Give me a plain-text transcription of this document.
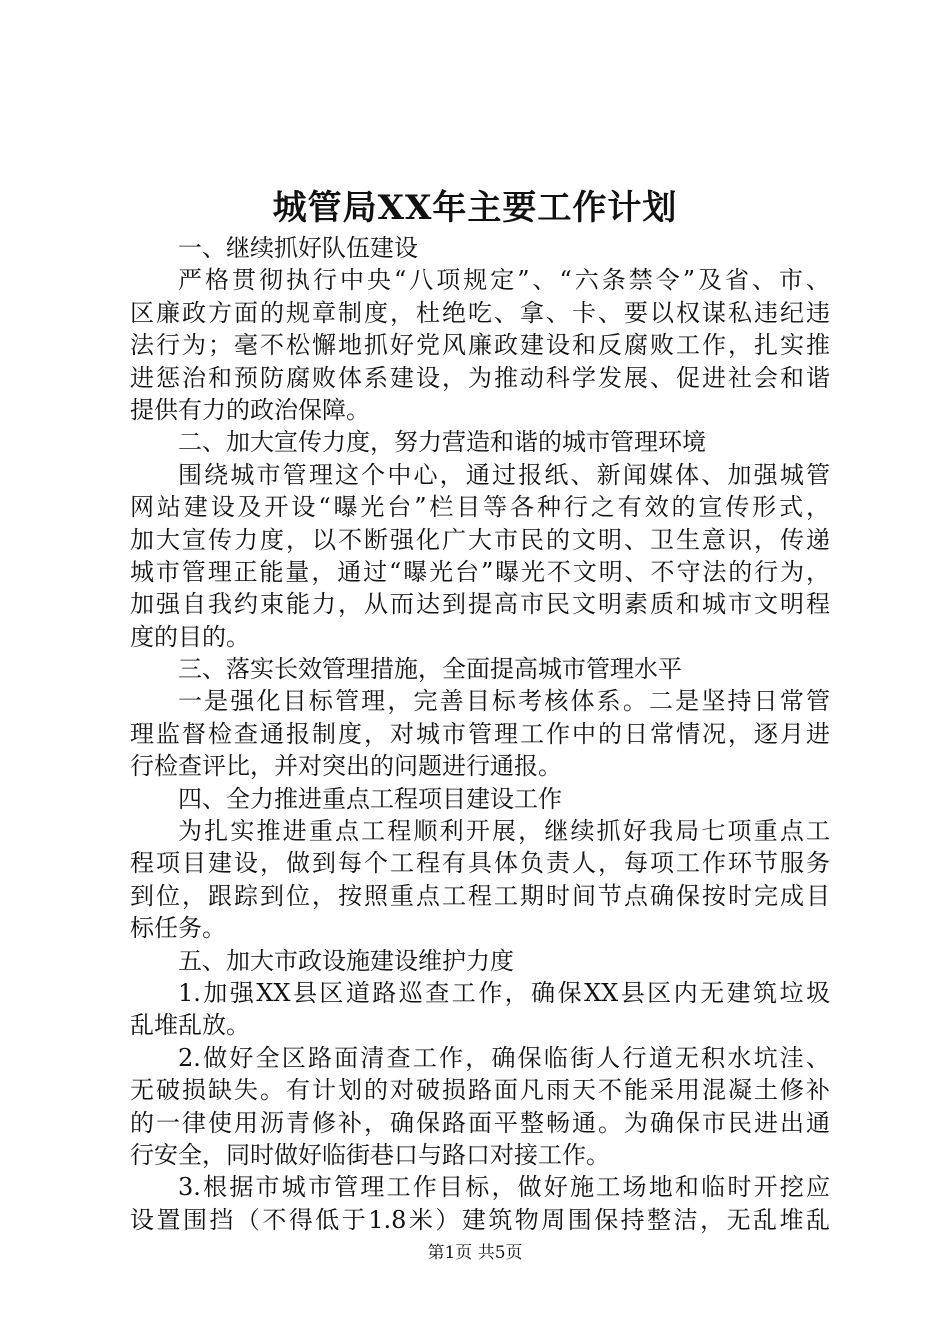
城管局XX年主要工作计划
一、继续抓好队伍建设
严格贯彻执行中央“八项规定”、“六条禁令”及省、市、
区廉政方面的规章制度，杜绝吃、拿、卡、要以权谋私违纪违
法行为；毫不松懈地抓好党风廉政建设和反腐败工作，扎实推
进惩治和预防腐败体系建设，为推动科学发展、促进社会和谐
提供有力的政治保障。
二、加大宣传力度，努力营造和谐的城市管理环境
围绕城市管理这个中心，通过报纸、新闻媒体、加强城管
网站建设及开设“曝光台”栏目等各种行之有效的宣传形式，
加大宣传力度，以不断强化广大市民的文明、卫生意识，传递
城市管理正能量，通过“曝光台”曝光不文明、不守法的行为，
加强自我约束能力，从而达到提高市民文明素质和城市文明程
度的目的。
三、落实长效管理措施，全面提高城市管理水平
一是强化目标管理，完善目标考核体系。二是坚持日常管
理监督检查通报制度，对城市管理工作中的日常情况，逐月进
行检查评比，并对突出的问题进行通报。
四、全力推进重点工程项目建设工作
为扎实推进重点工程顺利开展，继续抓好我局七项重点工
程项目建设，做到每个工程有具体负责人，每项工作环节服务
到位，跟踪到位，按照重点工程工期时间节点确保按时完成目
标任务。
五、加大市政设施建设维护力度
1.加强XX县区道路巡查工作，确保XX县区内无建筑垃圾
乱堆乱放。
2.做好全区路面清查工作，确保临街人行道无积水坑洼、
无破损缺失。有计划的对破损路面凡雨天不能采用混凝土修补
的一律使用沥青修补，确保路面平整畅通。为确保市民进出通
行安全，同时做好临街巷口与路口对接工作。
3.根据市城市管理工作目标，做好施工场地和临时开挖应
设置围挡（不得低于1.8米）建筑物周围保持整洁，无乱堆乱
第1页 共5页
